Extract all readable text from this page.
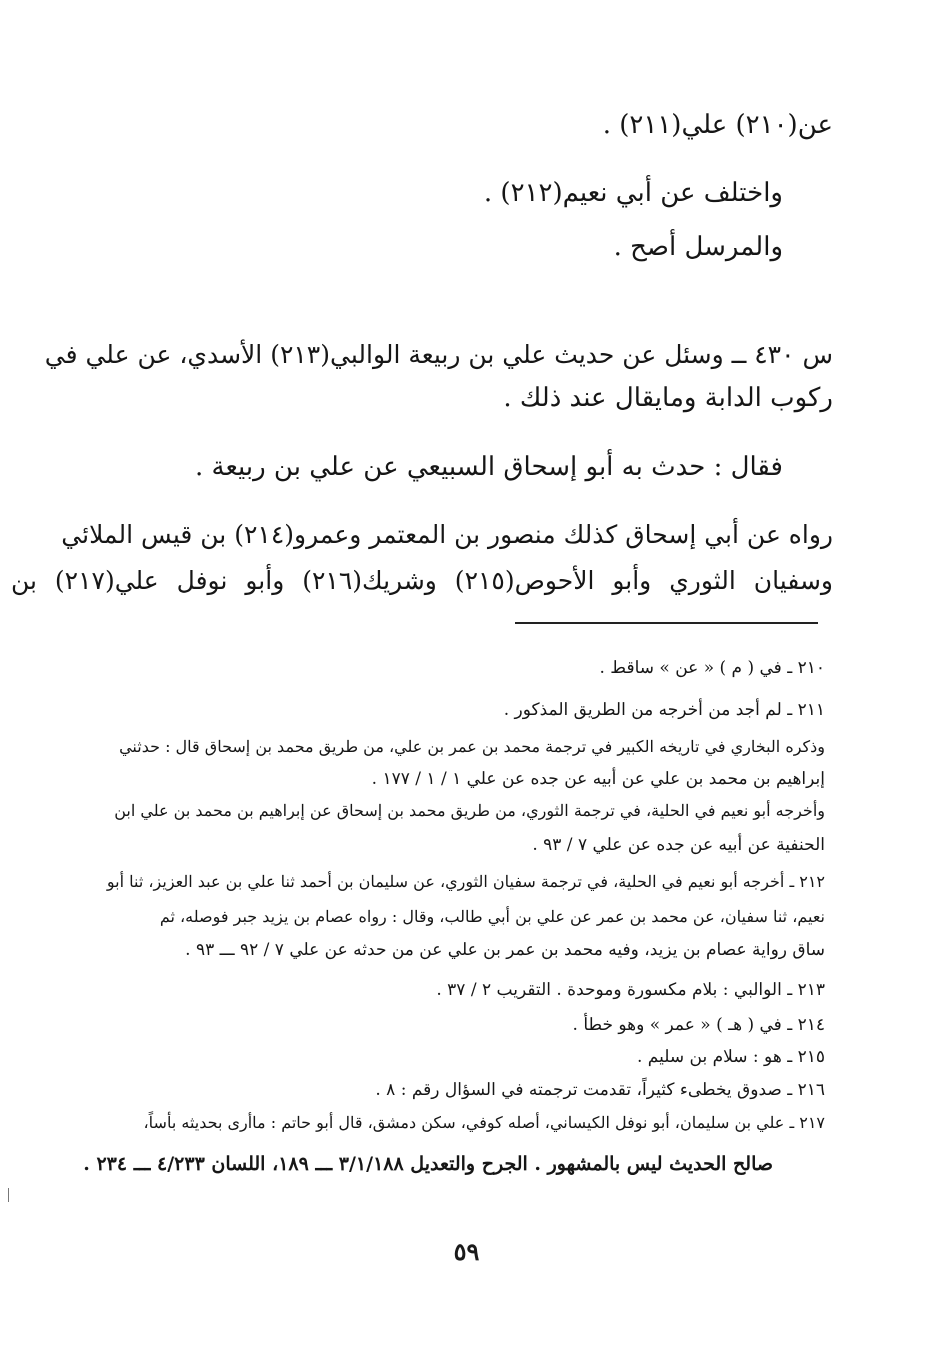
عن(٢١٠) علي(٢١١) .
واختلف عن أبي نعيم(٢١٢) .
والمرسل أصح .
س ٤٣٠ ــ وسئل عن حديث علي بن ربيعة الوالبي(٢١٣) الأسدي، عن علي في
ركوب الدابة ومايقال عند ذلك .
فقال : حدث به أبو إسحاق السبيعي عن علي بن ربيعة .
رواه عن أبي إسحاق كذلك منصور بن المعتمر وعمرو(٢١٤) بن قيس الملائي
وسفيان الثوري وأبو الأحوص(٢١٥) وشريك(٢١٦) وأبو نوفل علي(٢١٧) بن
٢١٠ ـ في ( م ) « عن » ساقط .
٢١١ ـ لم أجد من أخرجه من الطريق المذكور .
وذكره البخاري في تاريخه الكبير في ترجمة محمد بن عمر بن علي، من طريق محمد بن إسحاق قال : حدثني
إبراهيم بن محمد بن علي عن أبيه عن جده عن علي ١ / ١ / ١٧٧ .
وأخرجه أبو نعيم في الحلية، في ترجمة الثوري، من طريق محمد بن إسحاق عن إبراهيم بن محمد بن علي ابن
الحنفية عن أبيه عن جده عن علي ٧ / ٩٣ .
٢١٢ ـ أخرجه أبو نعيم في الحلية، في ترجمة سفيان الثوري، عن سليمان بن أحمد ثنا علي بن عبد العزيز، ثنا أبو
نعيم، ثنا سفيان، عن محمد بن عمر عن علي بن أبي طالب، وقال : رواه عصام بن يزيد جبر فوصله، ثم
ساق رواية عصام بن يزيد، وفيه محمد بن عمر بن علي عن من حدثه عن علي ٧ / ٩٢ ـــ ٩٣ .
٢١٣ ـ الوالبي : بلام مكسورة وموحدة . التقريب ٢ / ٣٧ .
٢١٤ ـ في ( هـ ) « عمر » وهو خطأ .
٢١٥ ـ هو : سلام بن سليم .
٢١٦ ـ صدوق يخطىء كثيراً، تقدمت ترجمته في السؤال رقم : ٨ .
٢١٧ ـ علي بن سليمان، أبو نوفل الكيساني، أصله كوفي، سكن دمشق، قال أبو حاتم : ماأرى بحديثه بأساً،
صالح الحديث ليس بالمشهور . الجرح والتعديل ٣/١/١٨٨ ـــ ١٨٩، اللسان ٤/٢٣٣ ـــ ٢٣٤ .
٥٩
